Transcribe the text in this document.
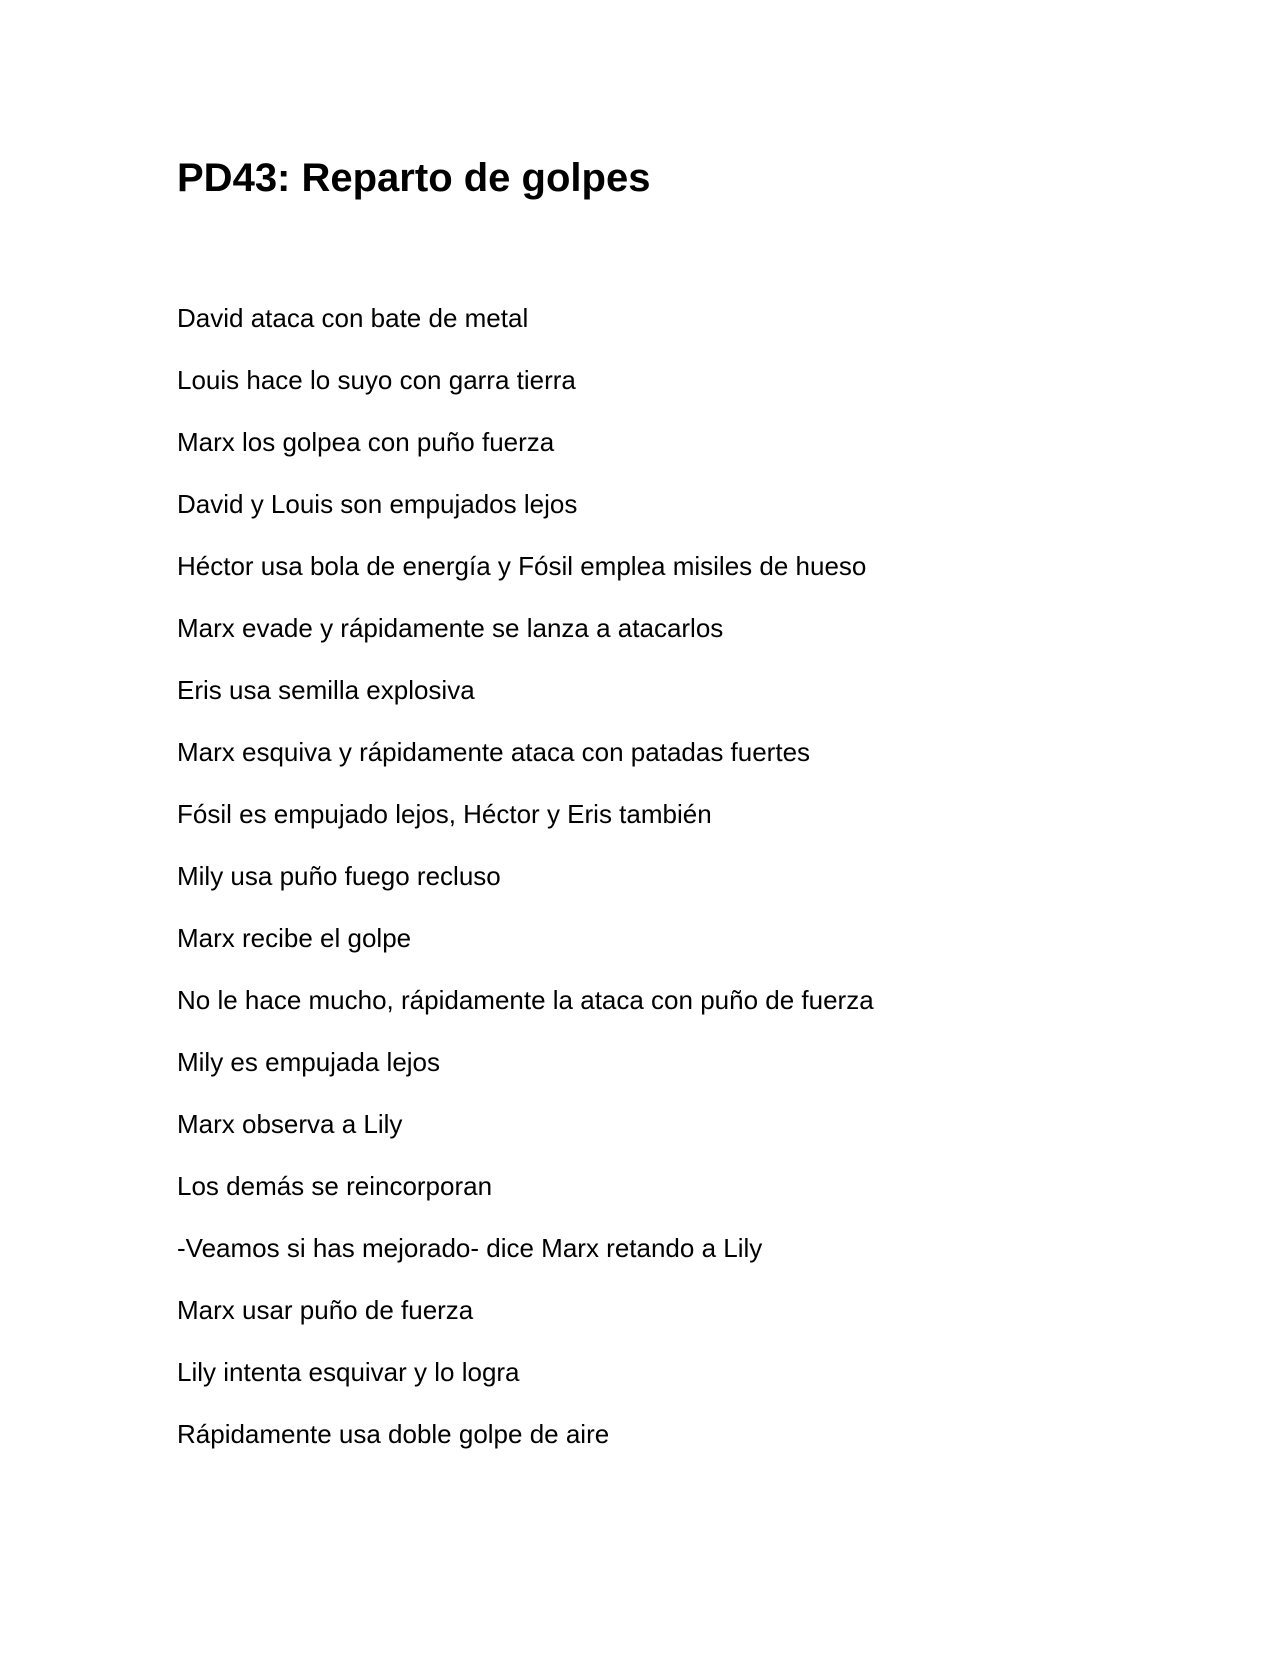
PD43: Reparto de golpes
David ataca con bate de metal
Louis hace lo suyo con garra tierra
Marx los golpea con puño fuerza
David y Louis son empujados lejos
Héctor usa bola de energía y Fósil emplea misiles de hueso
Marx evade y rápidamente se lanza a atacarlos
Eris usa semilla explosiva
Marx esquiva y rápidamente ataca con patadas fuertes
Fósil es empujado lejos, Héctor y Eris también
Mily usa puño fuego recluso
Marx recibe el golpe
No le hace mucho, rápidamente la ataca con puño de fuerza
Mily es empujada lejos
Marx observa a Lily
Los demás se reincorporan
-Veamos si has mejorado- dice Marx retando a Lily
Marx usar puño de fuerza
Lily intenta esquivar y lo logra
Rápidamente usa doble golpe de aire
